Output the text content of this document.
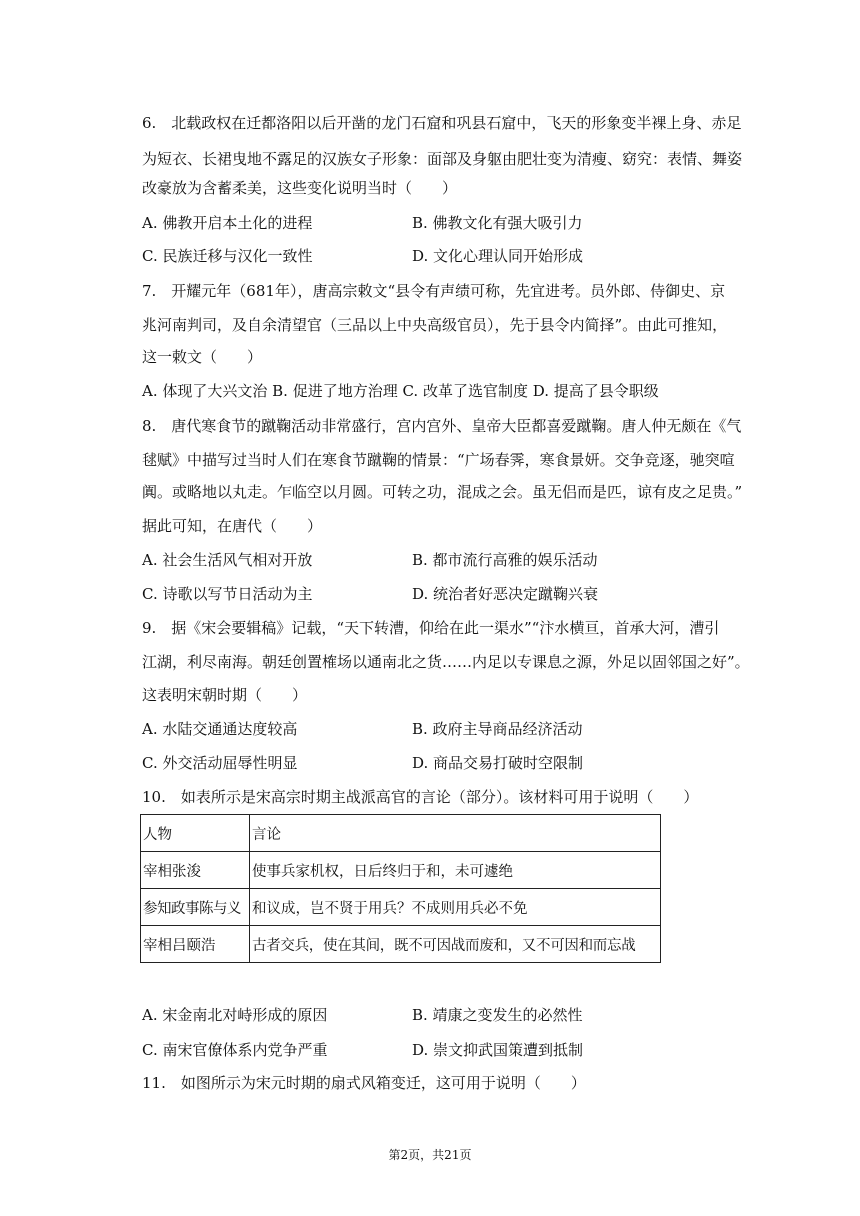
6.　北载政权在迁都洛阳以后开凿的龙门石窟和巩县石窟中，飞天的形象变半裸上身、赤足
为短衣、长裙曳地不露足的汉族女子形象：面部及身躯由肥壮变为清瘦、窈究：表情、舞姿
改豪放为含蓄柔美，这些变化说明当时（　　）
A. 佛教开启本土化的进程	B. 佛教文化有强大吸引力
C. 民族迁移与汉化一致性	D. 文化心理认同开始形成
7.　开耀元年（681年），唐高宗敕文“县令有声绩可称，先宜进考。员外郎、侍御史、京
兆河南判司，及自余清望官（三品以上中央高级官员），先于县令内简择”。由此可推知，
这一敕文（　　）
A. 体现了大兴文治 B. 促进了地方治理 C. 改革了选官制度 D. 提高了县令职级
8.　唐代寒食节的蹴鞠活动非常盛行，宫内宫外、皇帝大臣都喜爱蹴鞠。唐人仲无颇在《气
毬赋》中描写过当时人们在寒食节蹴鞠的情景：“广场春霁，寒食景妍。交争竞逐，驰突喧
阗。或略地以丸走。乍临空以月圆。可转之功，混成之会。虽无侣而是匹，谅有皮之足贵。”
据此可知，在唐代（　　）
A. 社会生活风气相对开放	B. 都市流行高雅的娱乐活动
C. 诗歌以写节日活动为主	D. 统治者好恶决定蹴鞠兴衰
9.　据《宋会要辑稿》记载，“天下转漕，仰给在此一渠水”“汴水横亘，首承大河，漕引
江湖，利尽南海。朝廷创置榷场以通南北之货……内足以专课息之源，外足以固邻国之好”。
这表明宋朝时期（　　）
A. 水陆交通通达度较高	B. 政府主导商品经济活动
C. 外交活动屈辱性明显	D. 商品交易打破时空限制
10.　如表所示是宋高宗时期主战派高官的言论（部分）。该材料可用于说明（　　）
人物	言论
宰相张浚	使事兵家机权，日后终归于和，未可遽绝
参知政事陈与义	和议成，岂不贤于用兵？不成则用兵必不免
宰相吕颐浩	古者交兵，使在其间，既不可因战而废和，又不可因和而忘战
A. 宋金南北对峙形成的原因	B. 靖康之变发生的必然性
C. 南宋官僚体系内党争严重	D. 崇文抑武国策遭到抵制
11.　如图所示为宋元时期的扇式风箱变迁，这可用于说明（　　）
第2页，共21页
